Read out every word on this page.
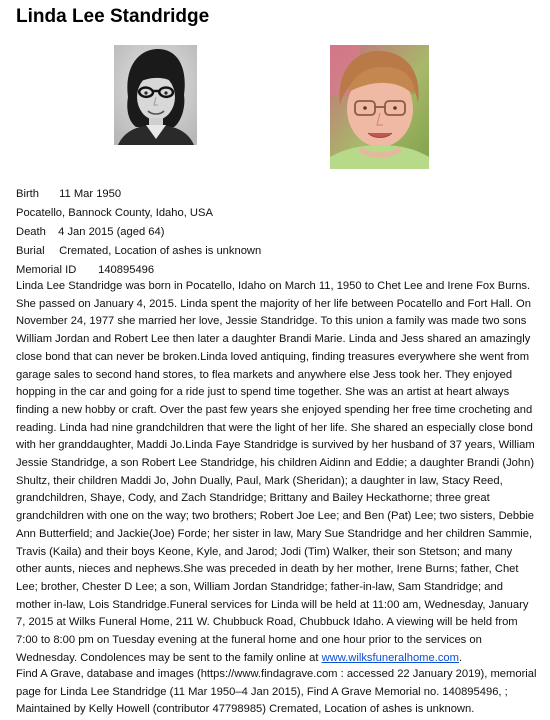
Linda Lee Standridge
Birth 11 Mar 1950
Pocatello, Bannock County, Idaho, USA
Death 4 Jan 2015 (aged 64)
Burial Cremated, Location of ashes is unknown
Memorial ID 140895496

Linda Lee Standridge was born in Pocatello, Idaho on March 11, 1950 to Chet Lee and Irene Fox Burns. She passed on January 4, 2015. Linda spent the majority of her life between Pocatello and Fort Hall. On November 24, 1977 she married her love, Jessie Standridge. To this union a family was made two sons William Jordan and Robert Lee then later a daughter Brandi Marie. Linda and Jess shared an amazingly close bond that can never be broken.Linda loved antiquing, finding treasures everywhere she went from garage sales to second hand stores, to flea markets and anywhere else Jess took her. They enjoyed hopping in the car and going for a ride just to spend time together. She was an artist at heart always finding a new hobby or craft. Over the past few years she enjoyed spending her free time crocheting and reading. Linda had nine grandchildren that were the light of her life. She shared an especially close bond with her granddaughter, Maddi Jo.Linda Faye Standridge is survived by her husband of 37 years, William Jessie Standridge, a son Robert Lee Standridge, his children Aidinn and Eddie; a daughter Brandi (John) Shultz, their children Maddi Jo, John Dually, Paul, Mark (Sheridan); a daughter in law, Stacy Reed, grandchildren, Shaye, Cody, and Zach Standridge; Brittany and Bailey Heckathorne; three great grandchildren with one on the way; two brothers; Robert Joe Lee; and Ben (Pat) Lee; two sisters, Debbie Ann Butterfield; and Jackie(Joe) Forde; her sister in law, Mary Sue Standridge and her children Sammie, Travis (Kaila) and their boys Keone, Kyle, and Jarod; Jodi (Tim) Walker, their son Stetson; and many other aunts, nieces and nephews.She was preceded in death by her mother, Irene Burns; father, Chet Lee; brother, Chester D Lee; a son, William Jordan Standridge; father-in-law, Sam Standridge; and mother in-law, Lois Standridge.Funeral services for Linda will be held at 11:00 am, Wednesday, January 7, 2015 at Wilks Funeral Home, 211 W. Chubbuck Road, Chubbuck Idaho. A viewing will be held from 7:00 to 8:00 pm on Tuesday evening at the funeral home and one hour prior to the services on Wednesday. Condolences may be sent to the family online at www.wilksfuneralhome.com.

Find A Grave, database and images (https://www.findagrave.com : accessed 22 January 2019), memorial page for Linda Lee Standridge (11 Mar 1950–4 Jan 2015), Find A Grave Memorial no. 140895496, ; Maintained by Kelly Howell (contributor 47798985) Cremated, Location of ashes is unknown.
